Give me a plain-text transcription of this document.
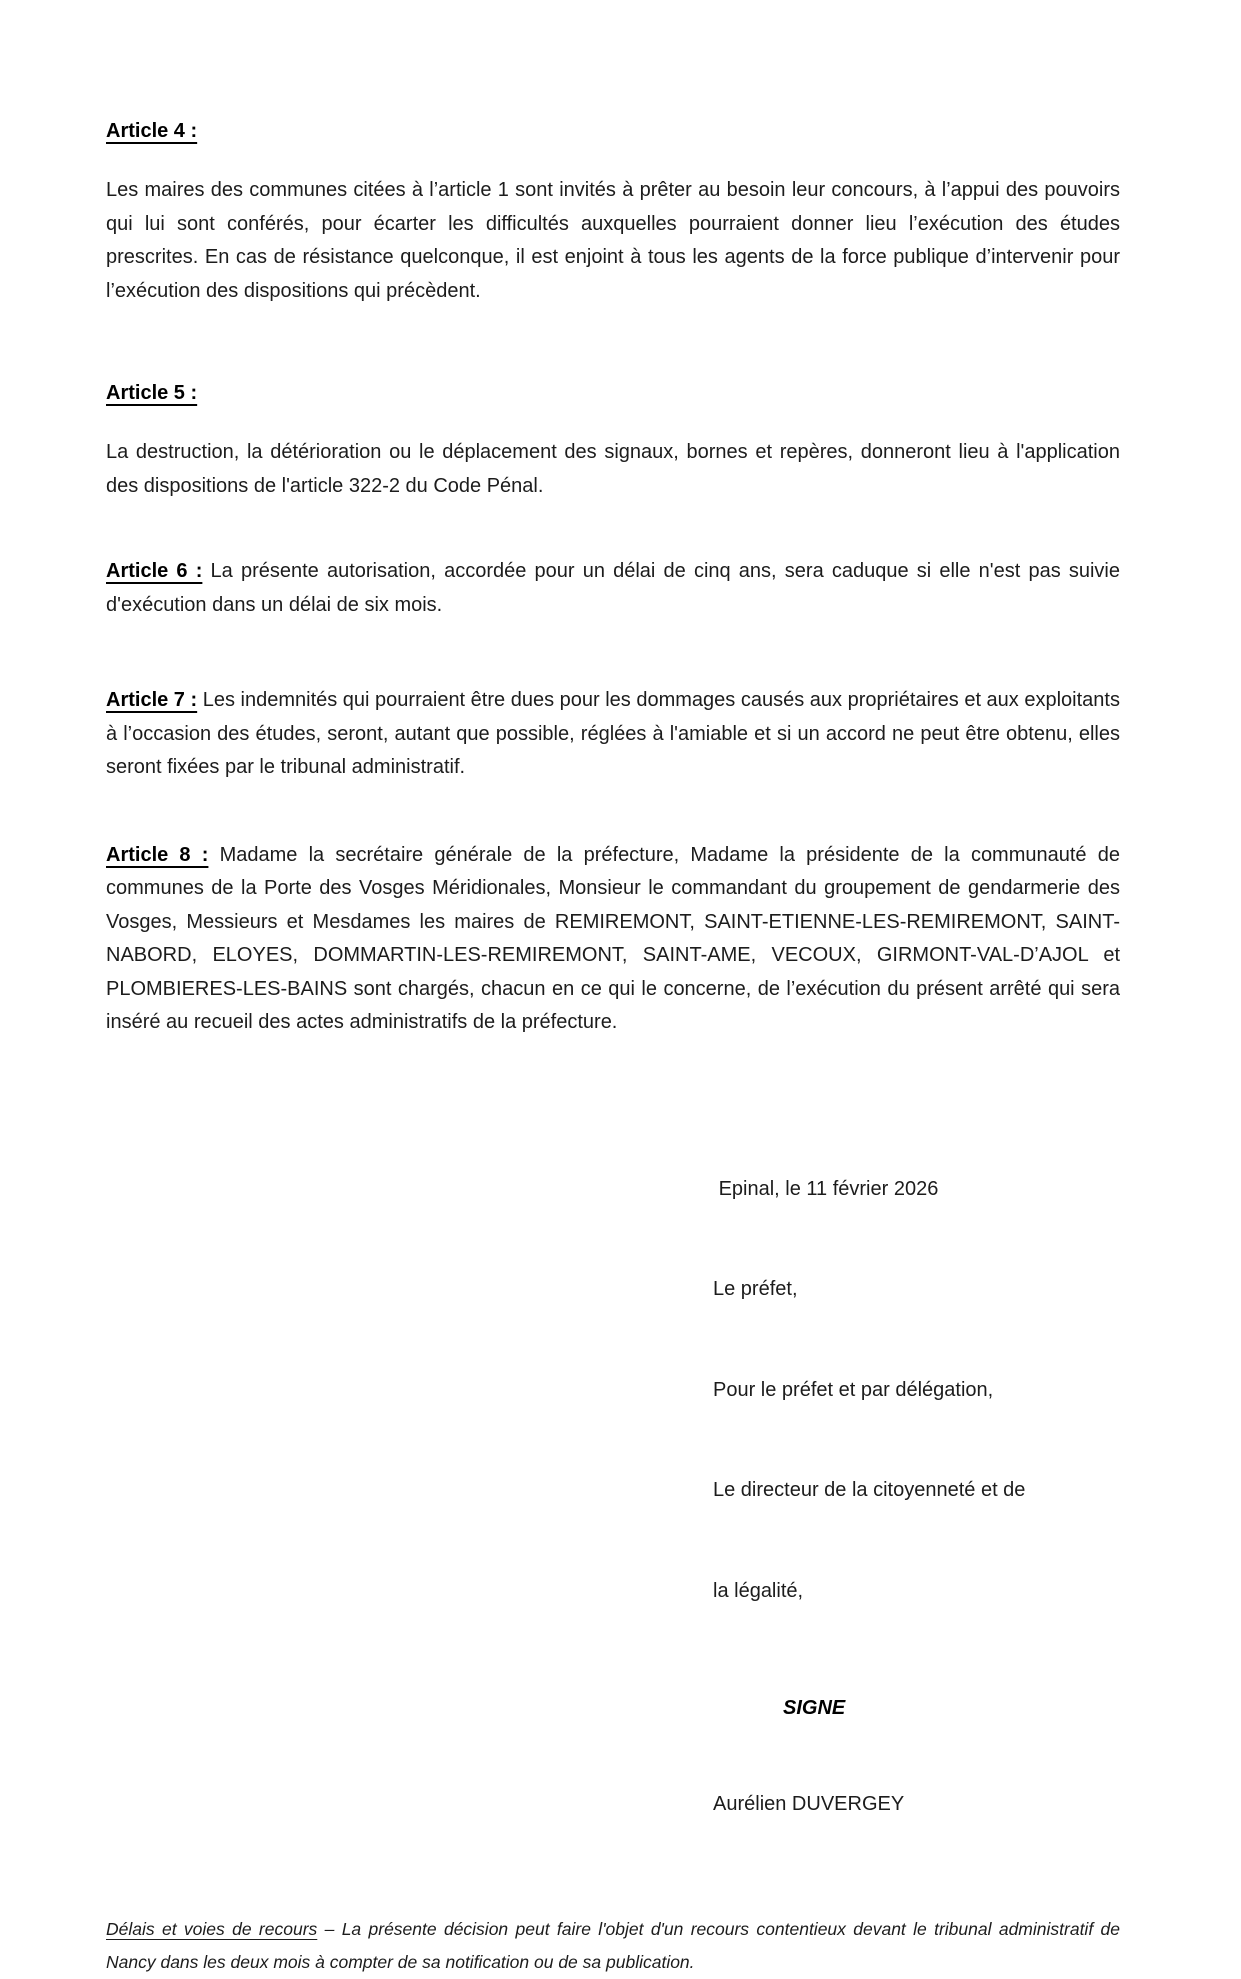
Article 4 :

Les maires des communes citées à l’article 1 sont invités à prêter au besoin leur concours, à l’appui des pouvoirs qui lui sont conférés, pour écarter les difficultés auxquelles pourraient donner lieu l’exécution des études prescrites. En cas de résistance quelconque, il est enjoint à tous les agents de la force publique d’intervenir pour l’exécution des dispositions qui précèdent.

Article 5 :

La destruction, la détérioration ou le déplacement des signaux, bornes et repères, donneront lieu à l'application des dispositions de l'article 322-2 du Code Pénal.

Article 6 : La présente autorisation, accordée pour un délai de cinq ans, sera caduque si elle n'est pas suivie d'exécution dans un délai de six mois.

Article 7 : Les indemnités qui pourraient être dues pour les dommages causés aux propriétaires et aux exploitants à l’occasion des études, seront, autant que possible, réglées à l'amiable et si un accord ne peut être obtenu, elles seront fixées par le tribunal administratif.

Article 8 : Madame la secrétaire générale de la préfecture, Madame la présidente de la communauté de communes de la Porte des Vosges Méridionales, Monsieur le commandant du groupement de gendarmerie des Vosges, Messieurs et Mesdames les maires de REMIREMONT, SAINT-ETIENNE-LES-REMIREMONT, SAINT-NABORD, ELOYES, DOMMARTIN-LES-REMIREMONT, SAINT-AME, VECOUX, GIRMONT-VAL-D’AJOL et PLOMBIERES-LES-BAINS sont chargés, chacun en ce qui le concerne, de l’exécution du présent arrêté qui sera inséré au recueil des actes administratifs de la préfecture.

Epinal, le 11 février 2026

Le préfet,

Pour le préfet et par délégation,

Le directeur de la citoyenneté et de

la légalité,

SIGNE
Aurélien DUVERGEY

Délais et voies de recours – La présente décision peut faire l'objet d'un recours contentieux devant le tribunal administratif de Nancy dans les deux mois à compter de sa notification ou de sa publication.
